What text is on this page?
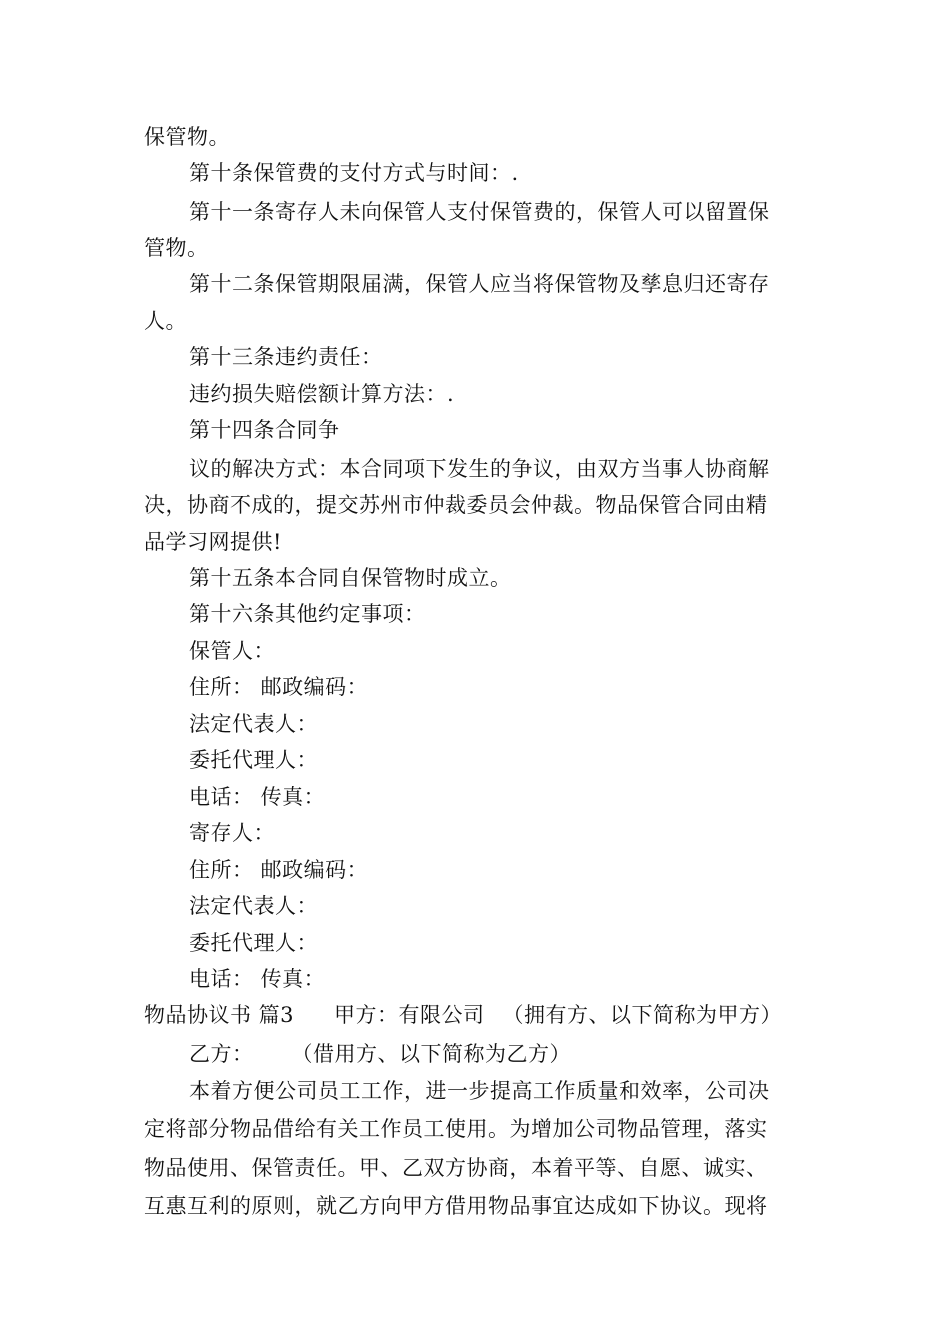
保管物。
第十条保管费的支付方式与时间：.
第十一条寄存人未向保管人支付保管费的，保管人可以留置保
管物。
第十二条保管期限届满，保管人应当将保管物及孳息归还寄存
人。
第十三条违约责任：
违约损失赔偿额计算方法：.
第十四条合同争
议的解决方式：本合同项下发生的争议，由双方当事人协商解
决，协商不成的，提交苏州市仲裁委员会仲裁。物品保管合同由精
品学习网提供!
第十五条本合同自保管物时成立。
第十六条其他约定事项：
保管人：
住所： 邮政编码：
法定代表人：
委托代理人：
电话： 传真：
寄存人：
住所： 邮政编码：
法定代表人：
委托代理人：
电话： 传真：
物品协议书 篇3 甲方：有限公司 （拥有方、以下简称为甲方）
乙方： （借用方、以下简称为乙方）
本着方便公司员工工作，进一步提高工作质量和效率，公司决
定将部分物品借给有关工作员工使用。为增加公司物品管理，落实
物品使用、保管责任。甲、乙双方协商，本着平等、自愿、诚实、
互惠互利的原则，就乙方向甲方借用物品事宜达成如下协议。现将
